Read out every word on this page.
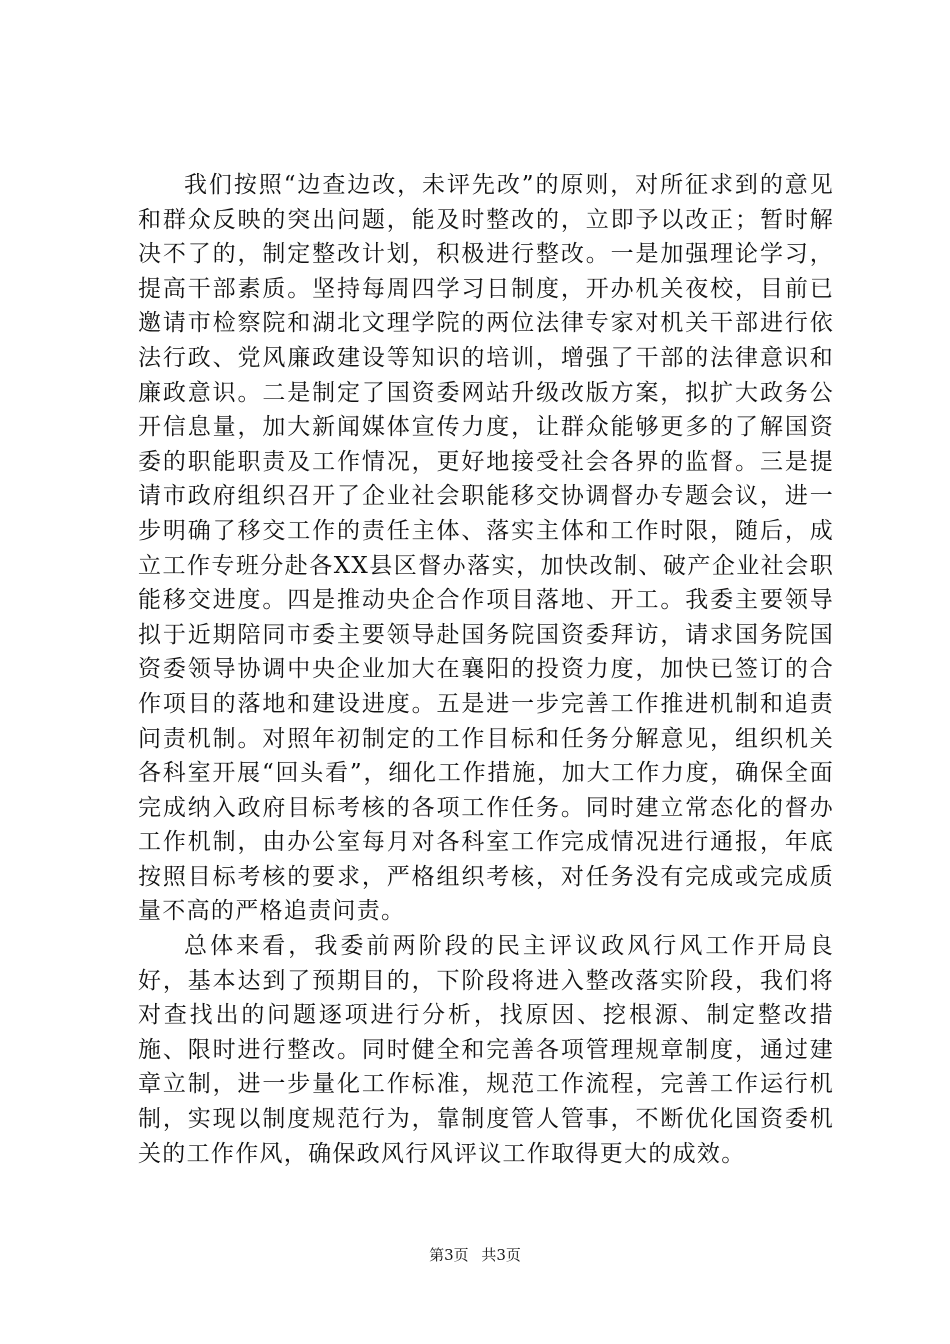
我们按照“边查边改，未评先改”的原则，对所征求到的意见和群众反映的突出问题，能及时整改的，立即予以改正；暂时解决不了的，制定整改计划，积极进行整改。一是加强理论学习，提高干部素质。坚持每周四学习日制度，开办机关夜校，目前已邀请市检察院和湖北文理学院的两位法律专家对机关干部进行依法行政、党风廉政建设等知识的培训，增强了干部的法律意识和廉政意识。二是制定了国资委网站升级改版方案，拟扩大政务公开信息量，加大新闻媒体宣传力度，让群众能够更多的了解国资委的职能职责及工作情况，更好地接受社会各界的监督。三是提请市政府组织召开了企业社会职能移交协调督办专题会议，进一步明确了移交工作的责任主体、落实主体和工作时限，随后，成立工作专班分赴各XX县区督办落实，加快改制、破产企业社会职能移交进度。四是推动央企合作项目落地、开工。我委主要领导拟于近期陪同市委主要领导赴国务院国资委拜访，请求国务院国资委领导协调中央企业加大在襄阳的投资力度，加快已签订的合作项目的落地和建设进度。五是进一步完善工作推进机制和追责问责机制。对照年初制定的工作目标和任务分解意见，组织机关各科室开展“回头看”，细化工作措施，加大工作力度，确保全面完成纳入政府目标考核的各项工作任务。同时建立常态化的督办工作机制，由办公室每月对各科室工作完成情况进行通报，年底按照目标考核的要求，严格组织考核，对任务没有完成或完成质量不高的严格追责问责。

总体来看，我委前两阶段的民主评议政风行风工作开局良好，基本达到了预期目的，下阶段将进入整改落实阶段，我们将对查找出的问题逐项进行分析，找原因、挖根源、制定整改措施、限时进行整改。同时健全和完善各项管理规章制度，通过建章立制，进一步量化工作标准，规范工作流程，完善工作运行机制，实现以制度规范行为，靠制度管人管事，不断优化国资委机关的工作作风，确保政风行风评议工作取得更大的成效。

第3页 共3页
